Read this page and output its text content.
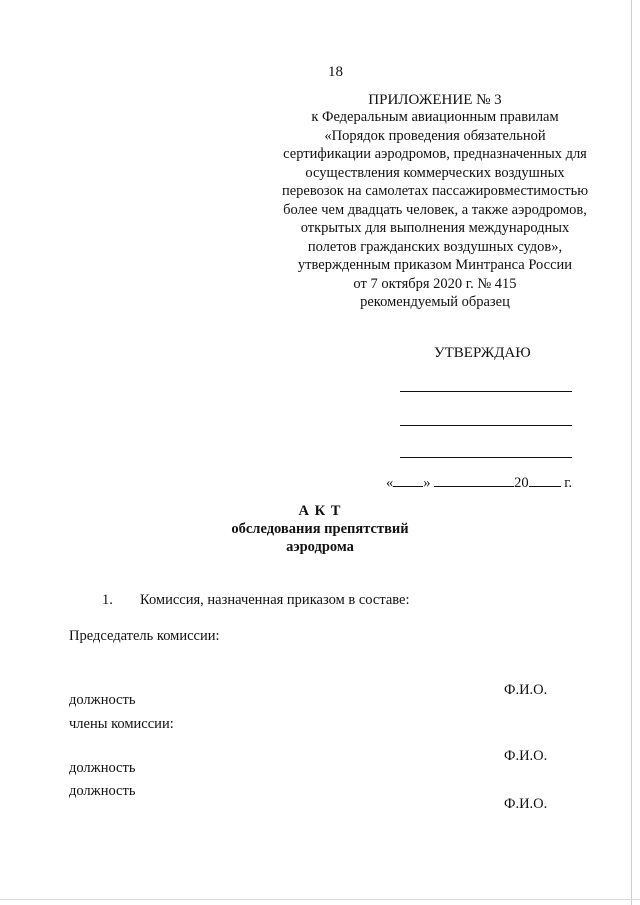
18
ПРИЛОЖЕНИЕ № 3
к Федеральным авиационным правилам
«Порядок проведения обязательной
сертификации аэродромов, предназначенных для
осуществления коммерческих воздушных
перевозок на самолетах пассажировместимостью
более чем двадцать человек, а также аэродромов,
открытых для выполнения международных
полетов гражданских воздушных судов»,
утвержденным приказом Минтранса России
от 7 октября 2020 г. № 415
рекомендуемый образец
УТВЕРЖДАЮ
« »	20 г.
А К Т
обследования препятствий
аэродрома
1. Комиссия, назначенная приказом в составе:
Председатель комиссии:
Ф.И.О.
должность
члены комиссии:
Ф.И.О.
должность
должность
Ф.И.О.
